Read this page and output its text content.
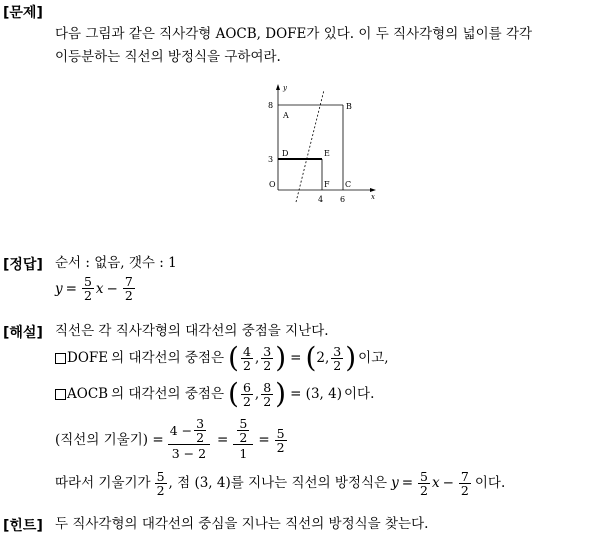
[문제]
다음 그림과 같은 직사각형 AOCB, DOFE가 있다. 이 두 직사각형의 넓이를 각각
이등분하는 직선의 방정식을 구하여라.
y
x
O
8
3
4 6
A
B
C
D	E
F
[정답] 순서 : 없음, 갯수 : 1
$y = \frac{5}{2}$ $x - \frac{7}{2}$
[해설] 직선은 각 직사각형의 대각선의 중점을 지난다.
DOFE 의 대각선의 중점은 ( $\frac{4}{2}$ , $\frac{3}{2}$ ) = ( 2, $\frac{3}{2}$ ) 이고,
AOCB 의 대각선의 중점은 ( $\frac{6}{2}$ , $\frac{8}{2}$ ) = (3, 4) 이다.
(직선의 기울기) = $\frac{4 - \frac{3}{2}}{3 - 2} = \frac{\frac{5}{2}}{1} = \frac{5}{2}$
따라서 기울기가 $\frac{5}{2}$ , 점 (3, 4)를 지나는 직선의 방정식은 $y = \frac{5}{2}$ $x - \frac{7}{2}$ 이다.
[힌트] 두 직사각형의 대각선의 중심을 지나는 직선의 방정식을 찾는다.
